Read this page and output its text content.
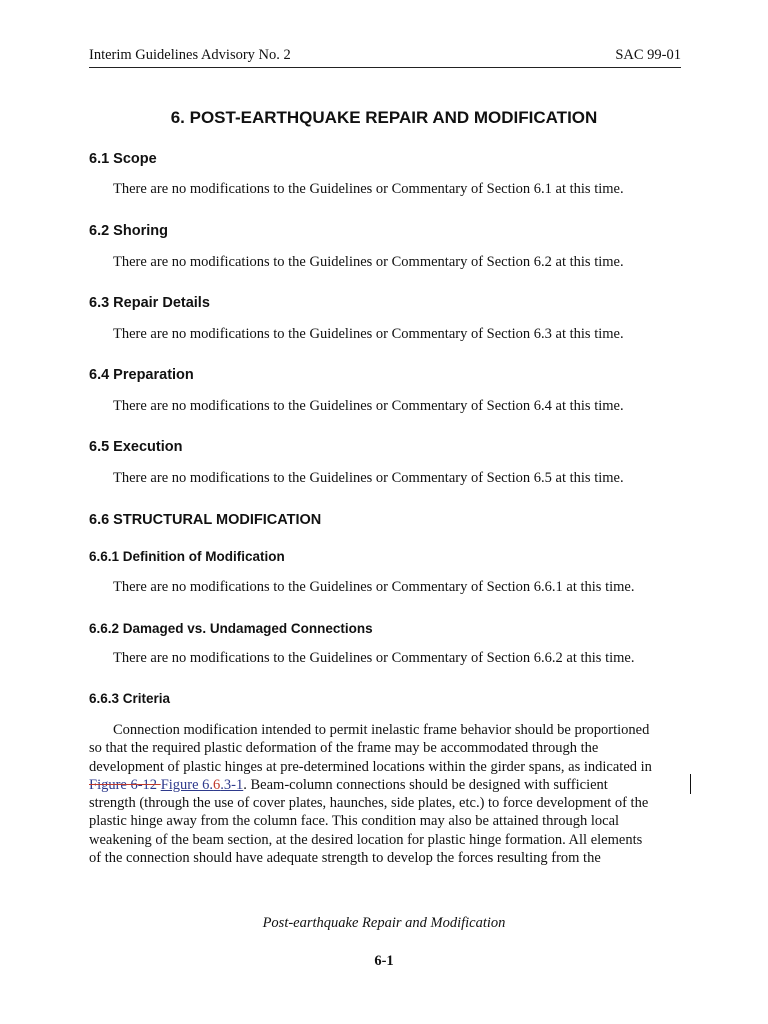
Interim Guidelines Advisory No. 2	SAC 99-01
6. POST-EARTHQUAKE REPAIR AND MODIFICATION
6.1 Scope
There are no modifications to the Guidelines or Commentary of Section 6.1 at this time.
6.2 Shoring
There are no modifications to the Guidelines or Commentary of Section 6.2 at this time.
6.3 Repair Details
There are no modifications to the Guidelines or Commentary of Section 6.3 at this time.
6.4 Preparation
There are no modifications to the Guidelines or Commentary of Section 6.4 at this time.
6.5 Execution
There are no modifications to the Guidelines or Commentary of Section 6.5 at this time.
6.6 STRUCTURAL MODIFICATION
6.6.1 Definition of Modification
There are no modifications to the Guidelines or Commentary of Section 6.6.1 at this time.
6.6.2 Damaged vs. Undamaged Connections
There are no modifications to the Guidelines or Commentary of Section 6.6.2 at this time.
6.6.3 Criteria
Connection modification intended to permit inelastic frame behavior should be proportioned
so that the required plastic deformation of the frame may be accommodated through the
development of plastic hinges at pre-determined locations within the girder spans, as indicated in
Figure 6-12 Figure 6.6.3-1. Beam-column connections should be designed with sufficient
strength (through the use of cover plates, haunches, side plates, etc.) to force development of the
plastic hinge away from the column face. This condition may also be attained through local
weakening of the beam section, at the desired location for plastic hinge formation. All elements
of the connection should have adequate strength to develop the forces resulting from the
Post-earthquake Repair and Modification
6-1
